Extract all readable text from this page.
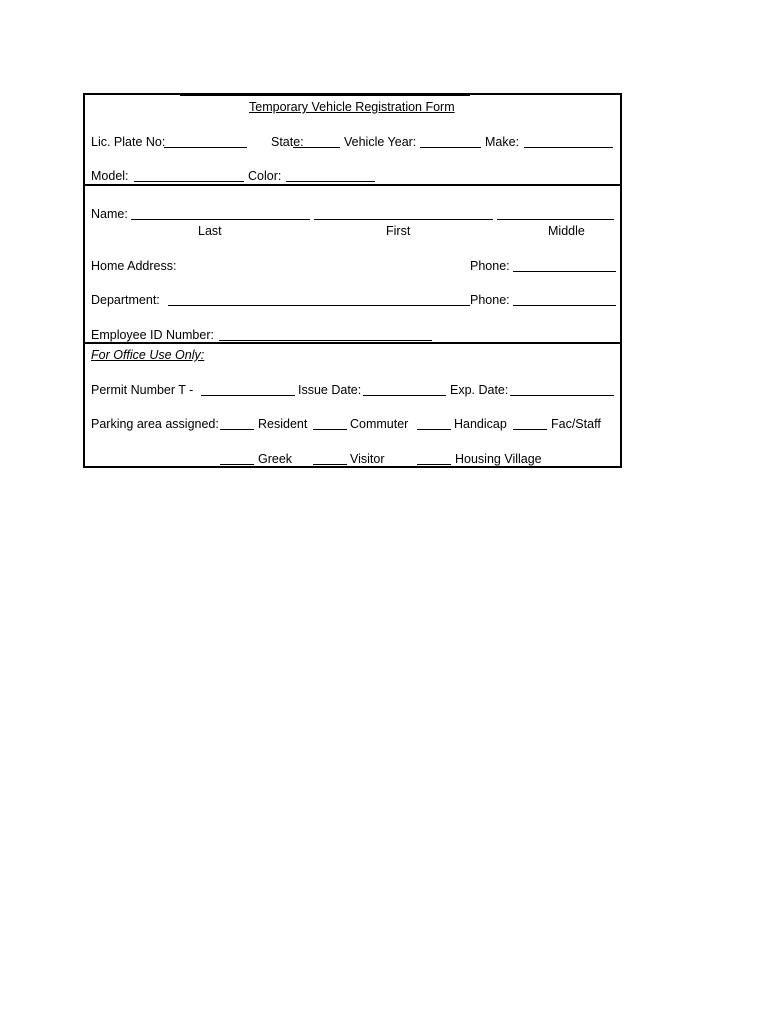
Temporary Vehicle Registration Form
Lic. Plate No:	State:	Vehicle Year:	Make:
Model:	Color:
Name:
Last	First	Middle
Home Address:	Phone:
Department:	Phone:
Employee ID Number:
For Office Use Only:
Permit Number T -	Issue Date:	Exp. Date:
Parking area assigned:	Resident	Commuter	Handicap	Fac/Staff
Greek	Visitor	Housing Village
